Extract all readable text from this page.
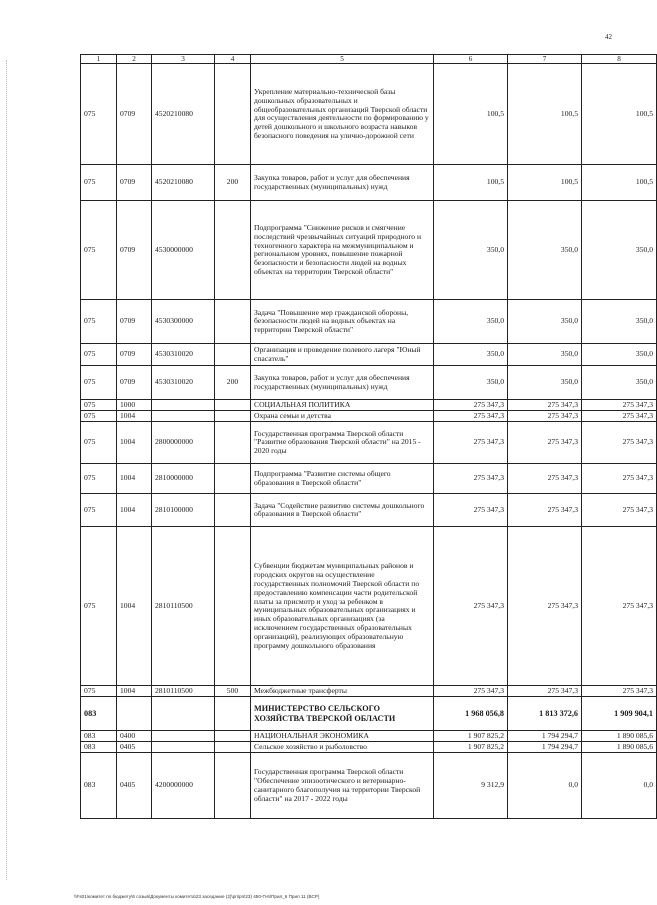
42
1	2	3	4	5	6	7	8
075	0709	4520210080		Укрепление материально-технической базы дошкольных образовательных и общеобразовательных организаций Тверской области для осуществления деятельности по формированию у детей дошкольного и школьного возраста навыков безопасного поведения на улично-дорожной сети	100,5	100,5	100,5
075	0709	4520210080	200	Закупка товаров, работ и услуг для обеспечения государственных (муниципальных) нужд	100,5	100,5	100,5
075	0709	4530000000		Подпрограмма "Снижение рисков и смягчение последствий чрезвычайных ситуаций природного и техногенного характера на межмуниципальном и региональном уровнях, повышение пожарной безопасности и безопасности людей на водных объектах на территории Тверской области"	350,0	350,0	350,0
075	0709	4530300000		Задача "Повышение мер гражданской обороны, безопасности людей на водных объектах на территории Тверской области"	350,0	350,0	350,0
075	0709	4530310020		Организация и проведение полевого лагеря "Юный спасатель"	350,0	350,0	350,0
075	0709	4530310020	200	Закупка товаров, работ и услуг для обеспечения государственных (муниципальных) нужд	350,0	350,0	350,0
075	1000			СОЦИАЛЬНАЯ ПОЛИТИКА	275 347,3	275 347,3	275 347,3
075	1004			Охрана семьи и детства	275 347,3	275 347,3	275 347,3
075	1004	2800000000		Государственная программа Тверской области "Развитие образования Тверской области" на 2015 - 2020 годы	275 347,3	275 347,3	275 347,3
075	1004	2810000000		Подпрограмма "Развитие системы общего образования в Тверской области"	275 347,3	275 347,3	275 347,3
075	1004	2810100000		Задача "Содействие развитию системы дошкольного образования в Тверской области"	275 347,3	275 347,3	275 347,3
075	1004	2810110500		Субвенции бюджетам муниципальных районов и городских округов на осуществление государственных полномочий Тверской области по предоставлению компенсации части родительской платы за присмотр и уход за ребенком в муниципальных образовательных организациях и иных образовательных организациях (за исключением государственных образовательных организаций), реализующих образовательную программу дошкольного образования	275 347,3	275 347,3	275 347,3
075	1004	2810110500	500	Межбюджетные трансферты	275 347,3	275 347,3	275 347,3
083				МИНИСТЕРСТВО СЕЛЬСКОГО ХОЗЯЙСТВА ТВЕРСКОЙ ОБЛАСТИ	1 968 056,8	1 813 372,6	1 909 904,1
083	0400			НАЦИОНАЛЬНАЯ ЭКОНОМИКА	1 907 825,2	1 794 294,7	1 890 085,6
083	0405			Сельское хозяйство и рыболовство	1 907 825,2	1 794 294,7	1 890 085,6
083	0405	4200000000		Государственная программа Тверской области "Обеспечение эпизоотического и ветеринарно-санитарного благополучия на территории Тверской области" на 2017 - 2022 годы	9 312,9	0,0	0,0
\\Fs01\комитет по бюджету\6 созыв\Документы комитета\23 заседание (2)\рп\рп\23) 450-П-6\Прил_6 Прил 11 (ВСР)
